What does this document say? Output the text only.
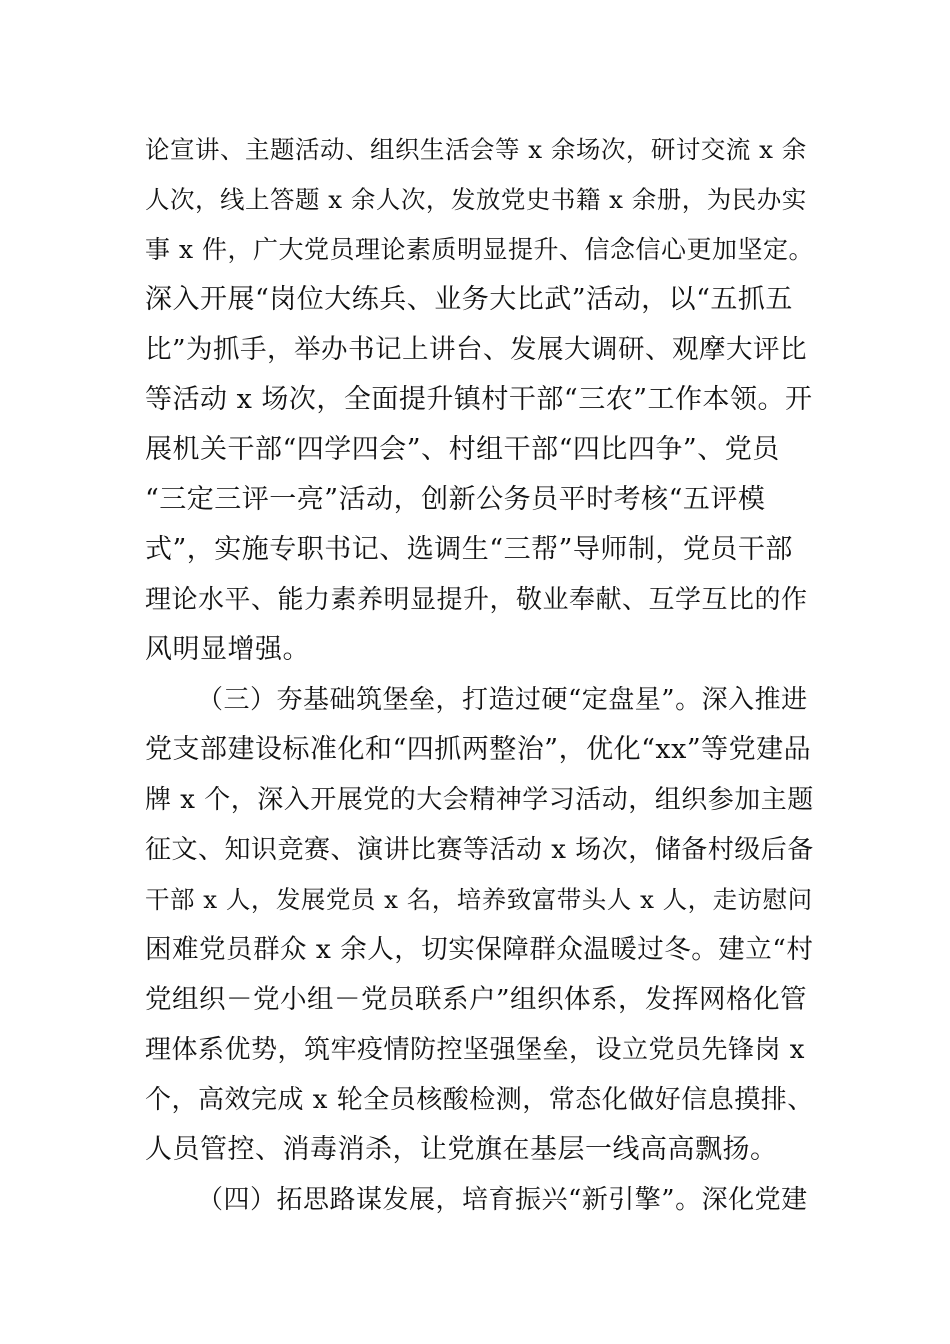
论宣讲、主题活动、组织生活会等 x 余场次，研讨交流 x 余
人次，线上答题 x 余人次，发放党史书籍 x 余册，为民办实
事 x 件，广大党员理论素质明显提升、信念信心更加坚定。
深入开展“岗位大练兵、业务大比武”活动，以“五抓五
比”为抓手，举办书记上讲台、发展大调研、观摩大评比
等活动 x 场次，全面提升镇村干部“三农”工作本领。开
展机关干部“四学四会”、村组干部“四比四争”、党员
“三定三评一亮”活动，创新公务员平时考核“五评模
式”，实施专职书记、选调生“三帮”导师制，党员干部
理论水平、能力素养明显提升，敬业奉献、互学互比的作
风明显增强。
（三）夯基础筑堡垒，打造过硬“定盘星”。深入推进
党支部建设标准化和“四抓两整治”，优化“xx”等党建品
牌 x 个，深入开展党的大会精神学习活动，组织参加主题
征文、知识竞赛、演讲比赛等活动 x 场次，储备村级后备
干部 x 人，发展党员 x 名，培养致富带头人 x 人，走访慰问
困难党员群众 x 余人，切实保障群众温暖过冬。建立“村
党组织－党小组－党员联系户”组织体系，发挥网格化管
理体系优势，筑牢疫情防控坚强堡垒，设立党员先锋岗 x
个，高效完成 x 轮全员核酸检测，常态化做好信息摸排、
人员管控、消毒消杀，让党旗在基层一线高高飘扬。
（四）拓思路谋发展，培育振兴“新引擎”。深化党建
